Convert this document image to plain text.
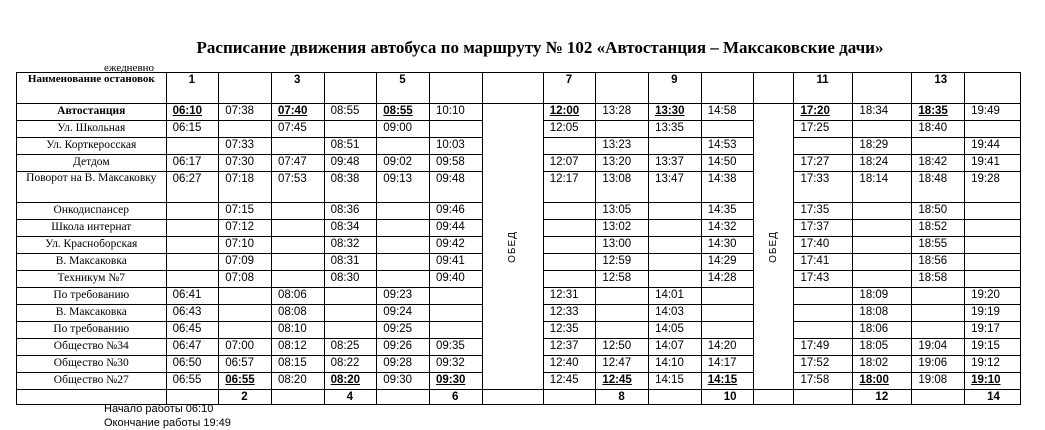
Расписание движения автобуса по маршруту № 102 «Автостанция – Максаковские дачи»
ежедневно
Наименование остановок	1		3		5			7		9			11		13	
Автостанция	06:10	07:38	07:40	08:55	08:55	10:10	ОБЕД	12:00	13:28	13:30	14:58	ОБЕД	17:20	18:34	18:35	19:49
Ул. Школьная	06:15		07:45		09:00			12:05		13:35			17:25		18:40	
Ул. Корткеросская		07:33		08:51		10:03			13:23		14:53			18:29		19:44
Детдом	06:17	07:30	07:47	09:48	09:02	09:58		12:07	13:20	13:37	14:50		17:27	18:24	18:42	19:41
Поворот на В. Максаковку	06:27	07:18	07:53	08:38	09:13	09:48		12:17	13:08	13:47	14:38		17:33	18:14	18:48	19:28
Онкодиспансер		07:15		08:36		09:46			13:05		14:35		17:35		18:50	
Школа интернат		07:12		08:34		09:44			13:02		14:32		17:37		18:52	
Ул. Красноборская		07:10		08:32		09:42			13:00		14:30		17:40		18:55	
В. Максаковка		07:09		08:31		09:41			12:59		14:29		17:41		18:56	
Техникум №7		07:08		08:30		09:40			12:58		14:28		17:43		18:58	
По требованию	06:41		08:06		09:23			12:31		14:01				18:09		19:20
В. Максаковка	06:43		08:08		09:24			12:33		14:03				18:08		19:19
По требованию	06:45		08:10		09:25			12:35		14:05				18:06		19:17
Общество №34	06:47	07:00	08:12	08:25	09:26	09:35		12:37	12:50	14:07	14:20		17:49	18:05	19:04	19:15
Общество №30	06:50	06:57	08:15	08:22	09:28	09:32		12:40	12:47	14:10	14:17		17:52	18:02	19:06	19:12
Общество №27	06:55	06:55	08:20	08:20	09:30	09:30		12:45	12:45	14:15	14:15		17:58	18:00	19:08	19:10
		2		4		6			8		10			12		14
Начало работы 06:10
Окончание работы 19:49
